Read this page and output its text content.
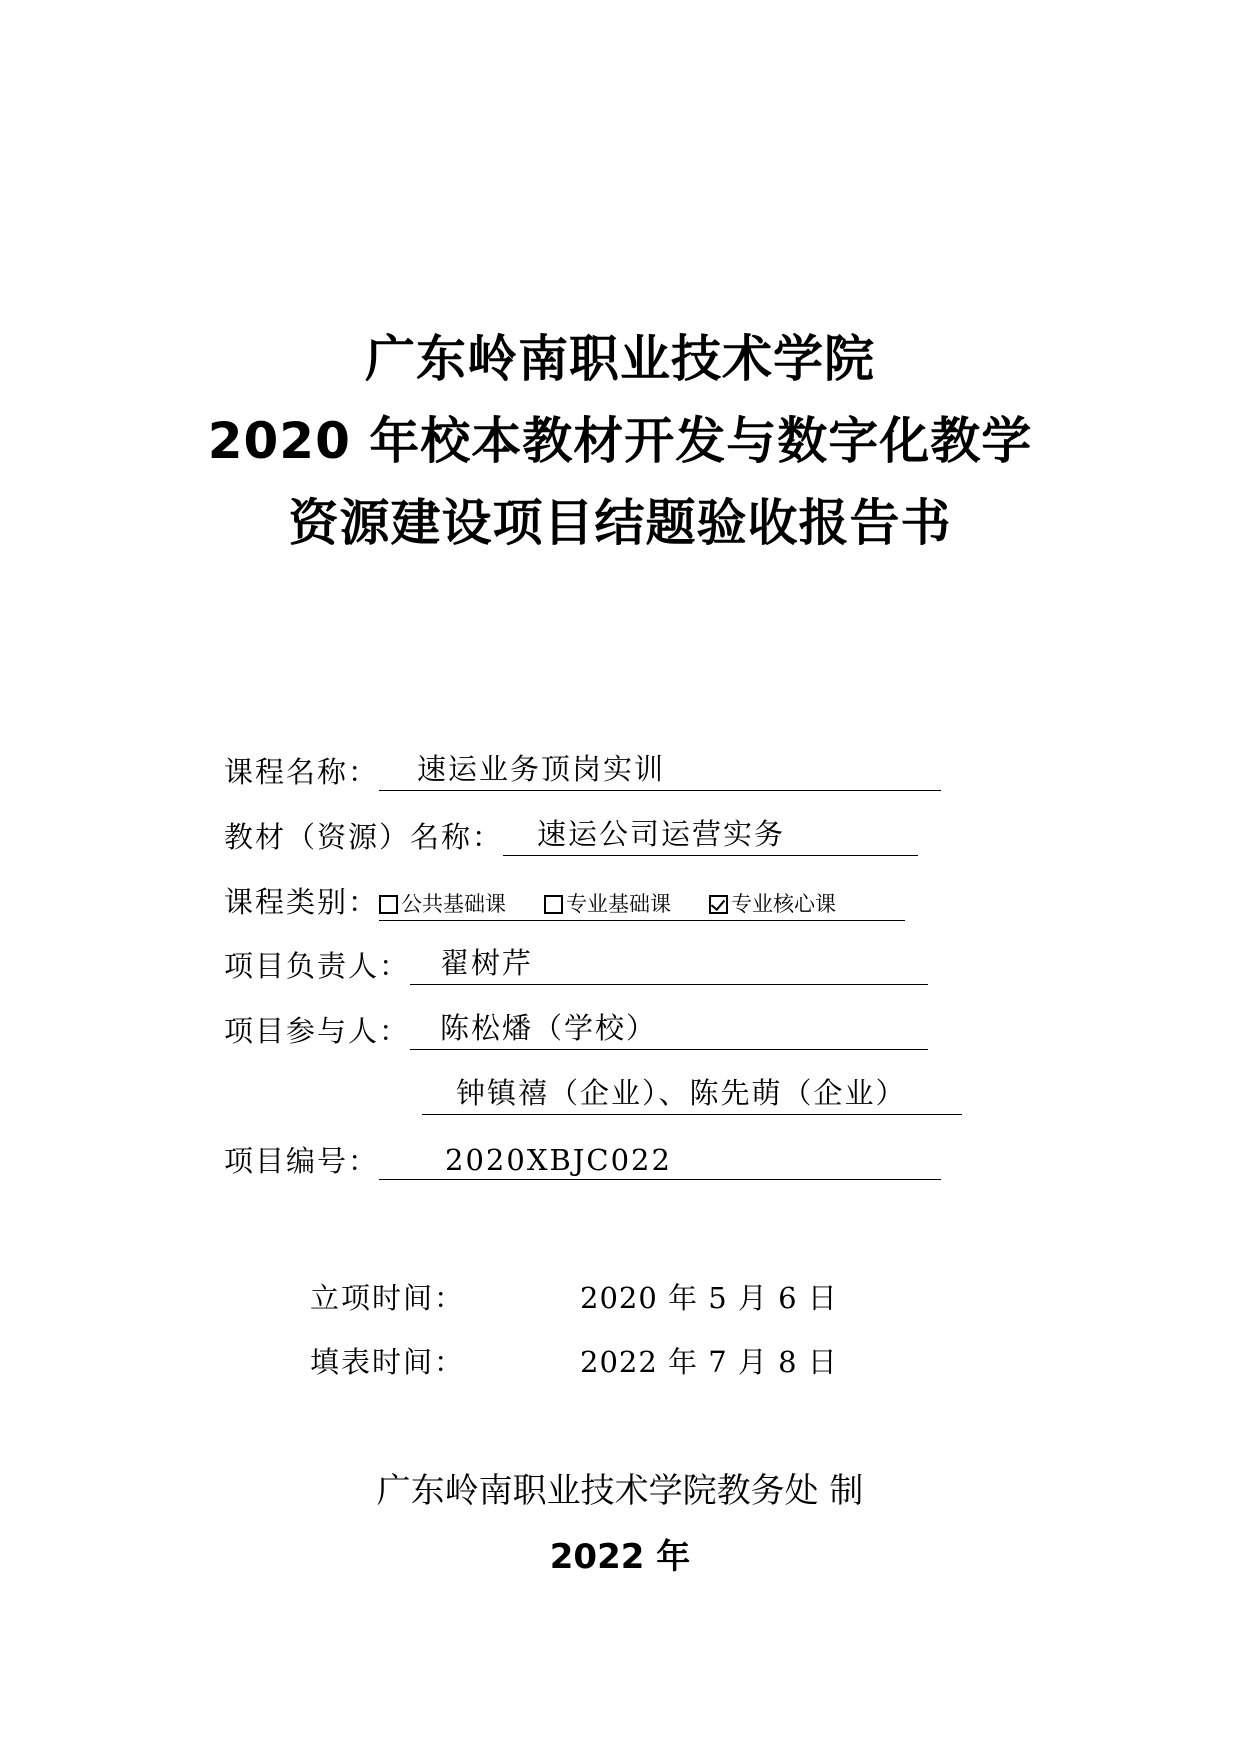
广东岭南职业技术学院
2020 年校本教材开发与数字化教学
资源建设项目结题验收报告书
课程名称：	速运业务顶岗实训
教材（资源）名称：	速运公司运营实务
课程类别： 公共基础课	专业基础课	专业核心课
项目负责人：	翟树芹
项目参与人：	陈松燔（学校）
钟镇禧（企业）、陈先萌（企业）
项目编号：	2020XBJC022
立项时间：	2020 年 5 月 6 日
填表时间：	2022 年 7 月 8 日
广东岭南职业技术学院教务处 制
2022 年
